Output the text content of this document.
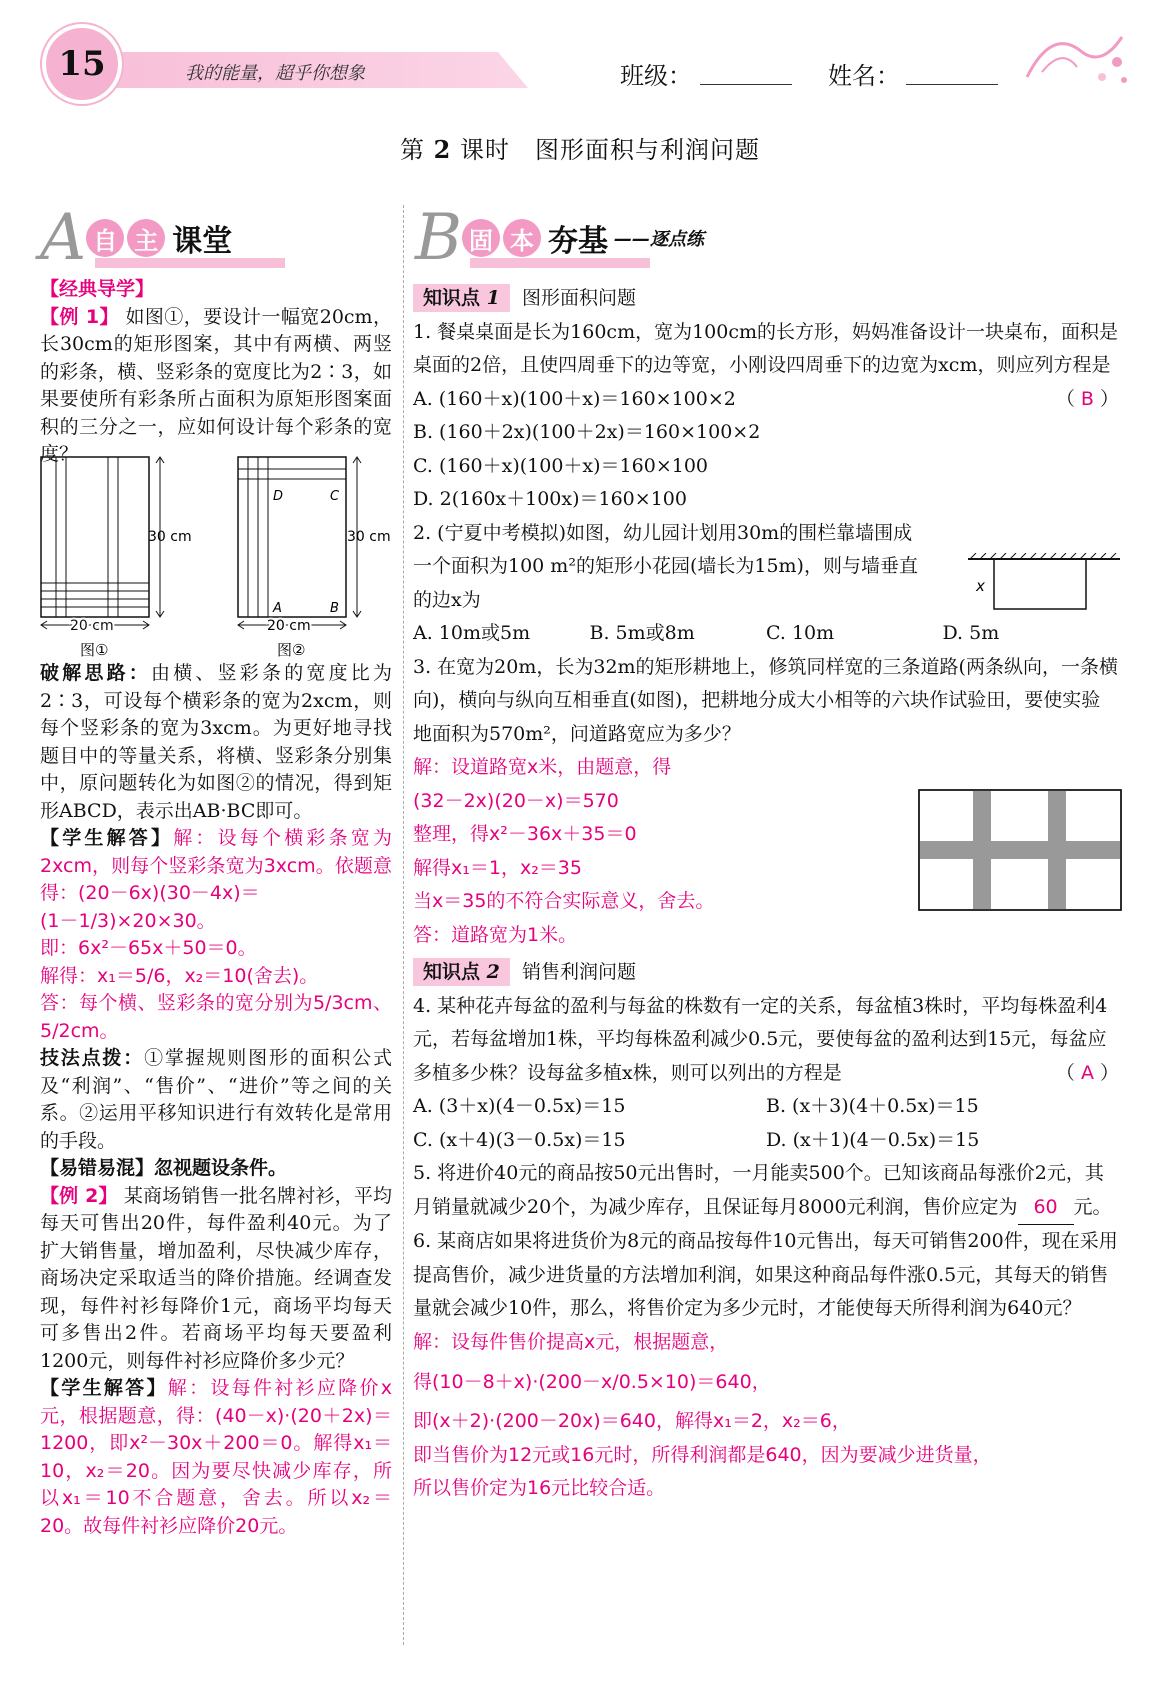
15	我的能量，超乎你想象	班级：	姓名：
第 2 课时　图形面积与利润问题
A 自 主 课堂
【经典导学】
【例 1】 如图①，要设计一幅宽20cm，长30cm的矩形图案，其中有两横、两竖的彩条，横、竖彩条的宽度比为2∶3，如果要使所有彩条所占面积为原矩形图案面积的三分之一，应如何设计每个彩条的宽度？
30 cm
20 cm
图①
D	C
A	B
30 cm
20 cm
图②
破解思路：由横、竖彩条的宽度比为2∶3，可设每个横彩条的宽为2xcm，则每个竖彩条的宽为3xcm。为更好地寻找题目中的等量关系，将横、竖彩条分别集中，原问题转化为如图②的情况，得到矩形ABCD，表示出AB·BC即可。
【学生解答】解：设每个横彩条宽为2xcm，则每个竖彩条宽为3xcm。依题意得：(20－6x)(30－4x)＝
(1－1/3)×20×30。
即：6x²－65x＋50＝0。
解得：x₁＝5/6，x₂＝10(舍去)。
答：每个横、竖彩条的宽分别为5/3cm、5/2cm。
技法点拨：①掌握规则图形的面积公式及“利润”、“售价”、“进价”等之间的关系。②运用平移知识进行有效转化是常用的手段。
【易错易混】忽视题设条件。
【例 2】 某商场销售一批名牌衬衫，平均每天可售出20件，每件盈利40元。为了扩大销售量，增加盈利，尽快减少库存，商场决定采取适当的降价措施。经调查发现，每件衬衫每降价1元，商场平均每天可多售出2件。若商场平均每天要盈利1200元，则每件衬衫应降价多少元？
【学生解答】解：设每件衬衫应降价x元，根据题意，得：(40－x)·(20＋2x)＝1200，即x²－30x＋200＝0。解得x₁＝10，x₂＝20。因为要尽快减少库存，所以x₁＝10不合题意，舍去。所以x₂＝20。故每件衬衫应降价20元。
B 固 本 夯基 ——逐点练
知识点 1 图形面积问题
1. 餐桌桌面是长为160cm，宽为100cm的长方形，妈妈准备设计一块桌布，面积是桌面的2倍，且使四周垂下的边等宽，小刚设四周垂下的边宽为xcm，则应列方程是
（ B ）
A. (160＋x)(100＋x)＝160×100×2
B. (160＋2x)(100＋2x)＝160×100×2
C. (160＋x)(100＋x)＝160×100
D. 2(160x＋100x)＝160×100
2. (宁夏中考模拟)如图，幼儿园计划用30m的围栏靠墙围成一个面积为100 m²的矩形小花园(墙长为15m)，则与墙垂直的边x为
A. 10m或5m	B. 5m或8m	C. 10m	D. 5m
3. 在宽为20m，长为32m的矩形耕地上，修筑同样宽的三条道路(两条纵向，一条横向)，横向与纵向互相垂直(如图)，把耕地分成大小相等的六块作试验田，要使实验地面积为570m²，问道路宽应为多少？
解：设道路宽x米，由题意，得
(32－2x)(20－x)＝570
整理，得x²－36x＋35＝0
解得x₁＝1，x₂＝35
当x＝35的不符合实际意义，舍去。
答：道路宽为1米。
知识点 2 销售利润问题
4. 某种花卉每盆的盈利与每盆的株数有一定的关系，每盆植3株时，平均每株盈利4元，若每盆增加1株，平均每株盈利减少0.5元，要使每盆的盈利达到15元，每盆应多植多少株？设每盆多植x株，则可以列出的方程是	（ A ）
A. (3＋x)(4－0.5x)＝15	B. (x＋3)(4＋0.5x)＝15
C. (x＋4)(3－0.5x)＝15	D. (x＋1)(4－0.5x)＝15
5. 将进价40元的商品按50元出售时，一月能卖500个。已知该商品每涨价2元，其月销量就减少20个，为减少库存，且保证每月8000元利润，售价应定为 60 元。
6. 某商店如果将进货价为8元的商品按每件10元售出，每天可销售200件，现在采用提高售价，减少进货量的方法增加利润，如果这种商品每件涨0.5元，其每天的销售量就会减少10件，那么，将售价定为多少元时，才能使每天所得利润为640元？
解：设每件售价提高x元，根据题意，
得(10－8＋x)·(200－x/0.5×10)＝640，
即(x＋2)·(200－20x)＝640，解得x₁＝2，x₂＝6，
即当售价为12元或16元时，所得利润都是640，因为要减少进货量，
所以售价定为16元比较合适。
x
